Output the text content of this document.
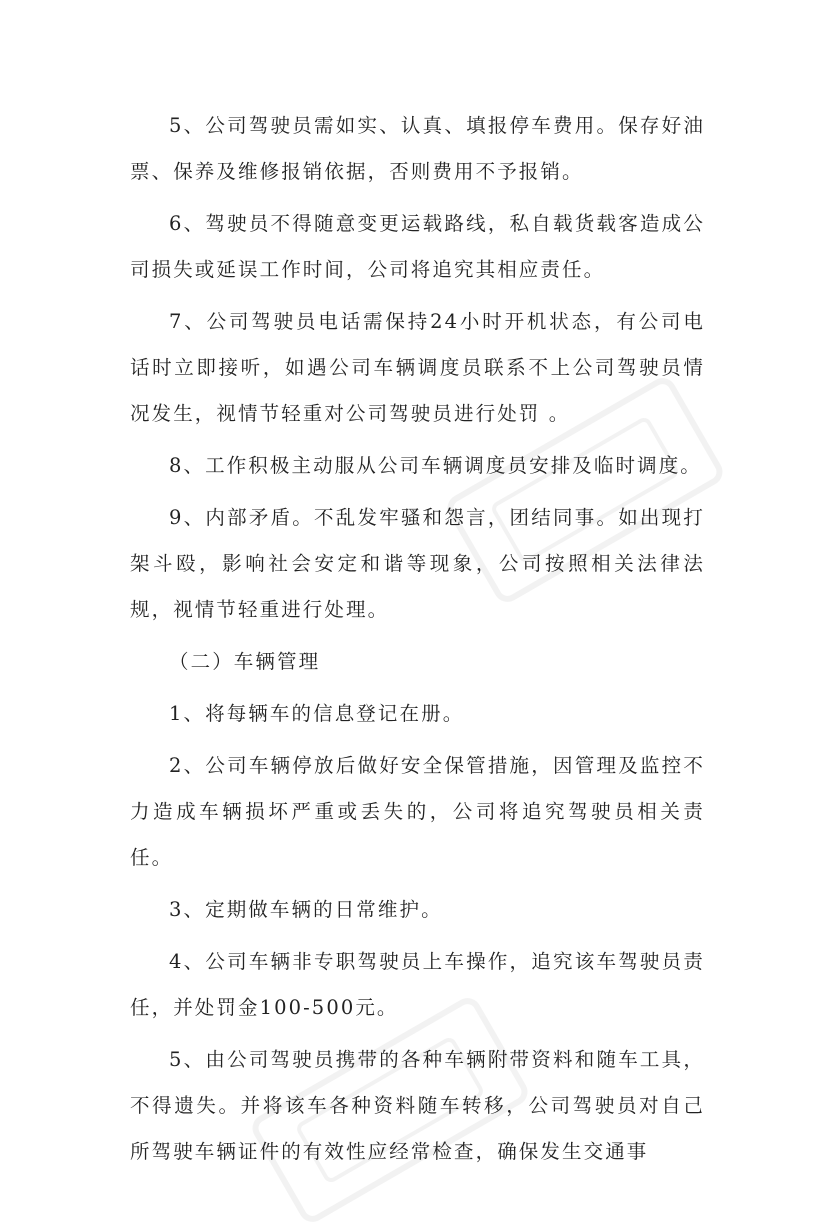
5、公司驾驶员需如实、认真、填报停车费用。保存好油票、保养及维修报销依据，否则费用不予报销。

6、驾驶员不得随意变更运载路线，私自载货载客造成公司损失或延误工作时间，公司将追究其相应责任。

7、公司驾驶员电话需保持24小时开机状态，有公司电话时立即接听，如遇公司车辆调度员联系不上公司驾驶员情况发生，视情节轻重对公司驾驶员进行处罚 。

8、工作积极主动服从公司车辆调度员安排及临时调度。

9、内部矛盾。不乱发牢骚和怨言，团结同事。如出现打架斗殴，影响社会安定和谐等现象，公司按照相关法律法规，视情节轻重进行处理。

（二）车辆管理

1、将每辆车的信息登记在册。

2、公司车辆停放后做好安全保管措施，因管理及监控不力造成车辆损坏严重或丢失的，公司将追究驾驶员相关责任。

3、定期做车辆的日常维护。

4、公司车辆非专职驾驶员上车操作，追究该车驾驶员责任，并处罚金100-500元。

5、由公司驾驶员携带的各种车辆附带资料和随车工具，不得遗失。并将该车各种资料随车转移，公司驾驶员对自己所驾驶车辆证件的有效性应经常检查，确保发生交通事
